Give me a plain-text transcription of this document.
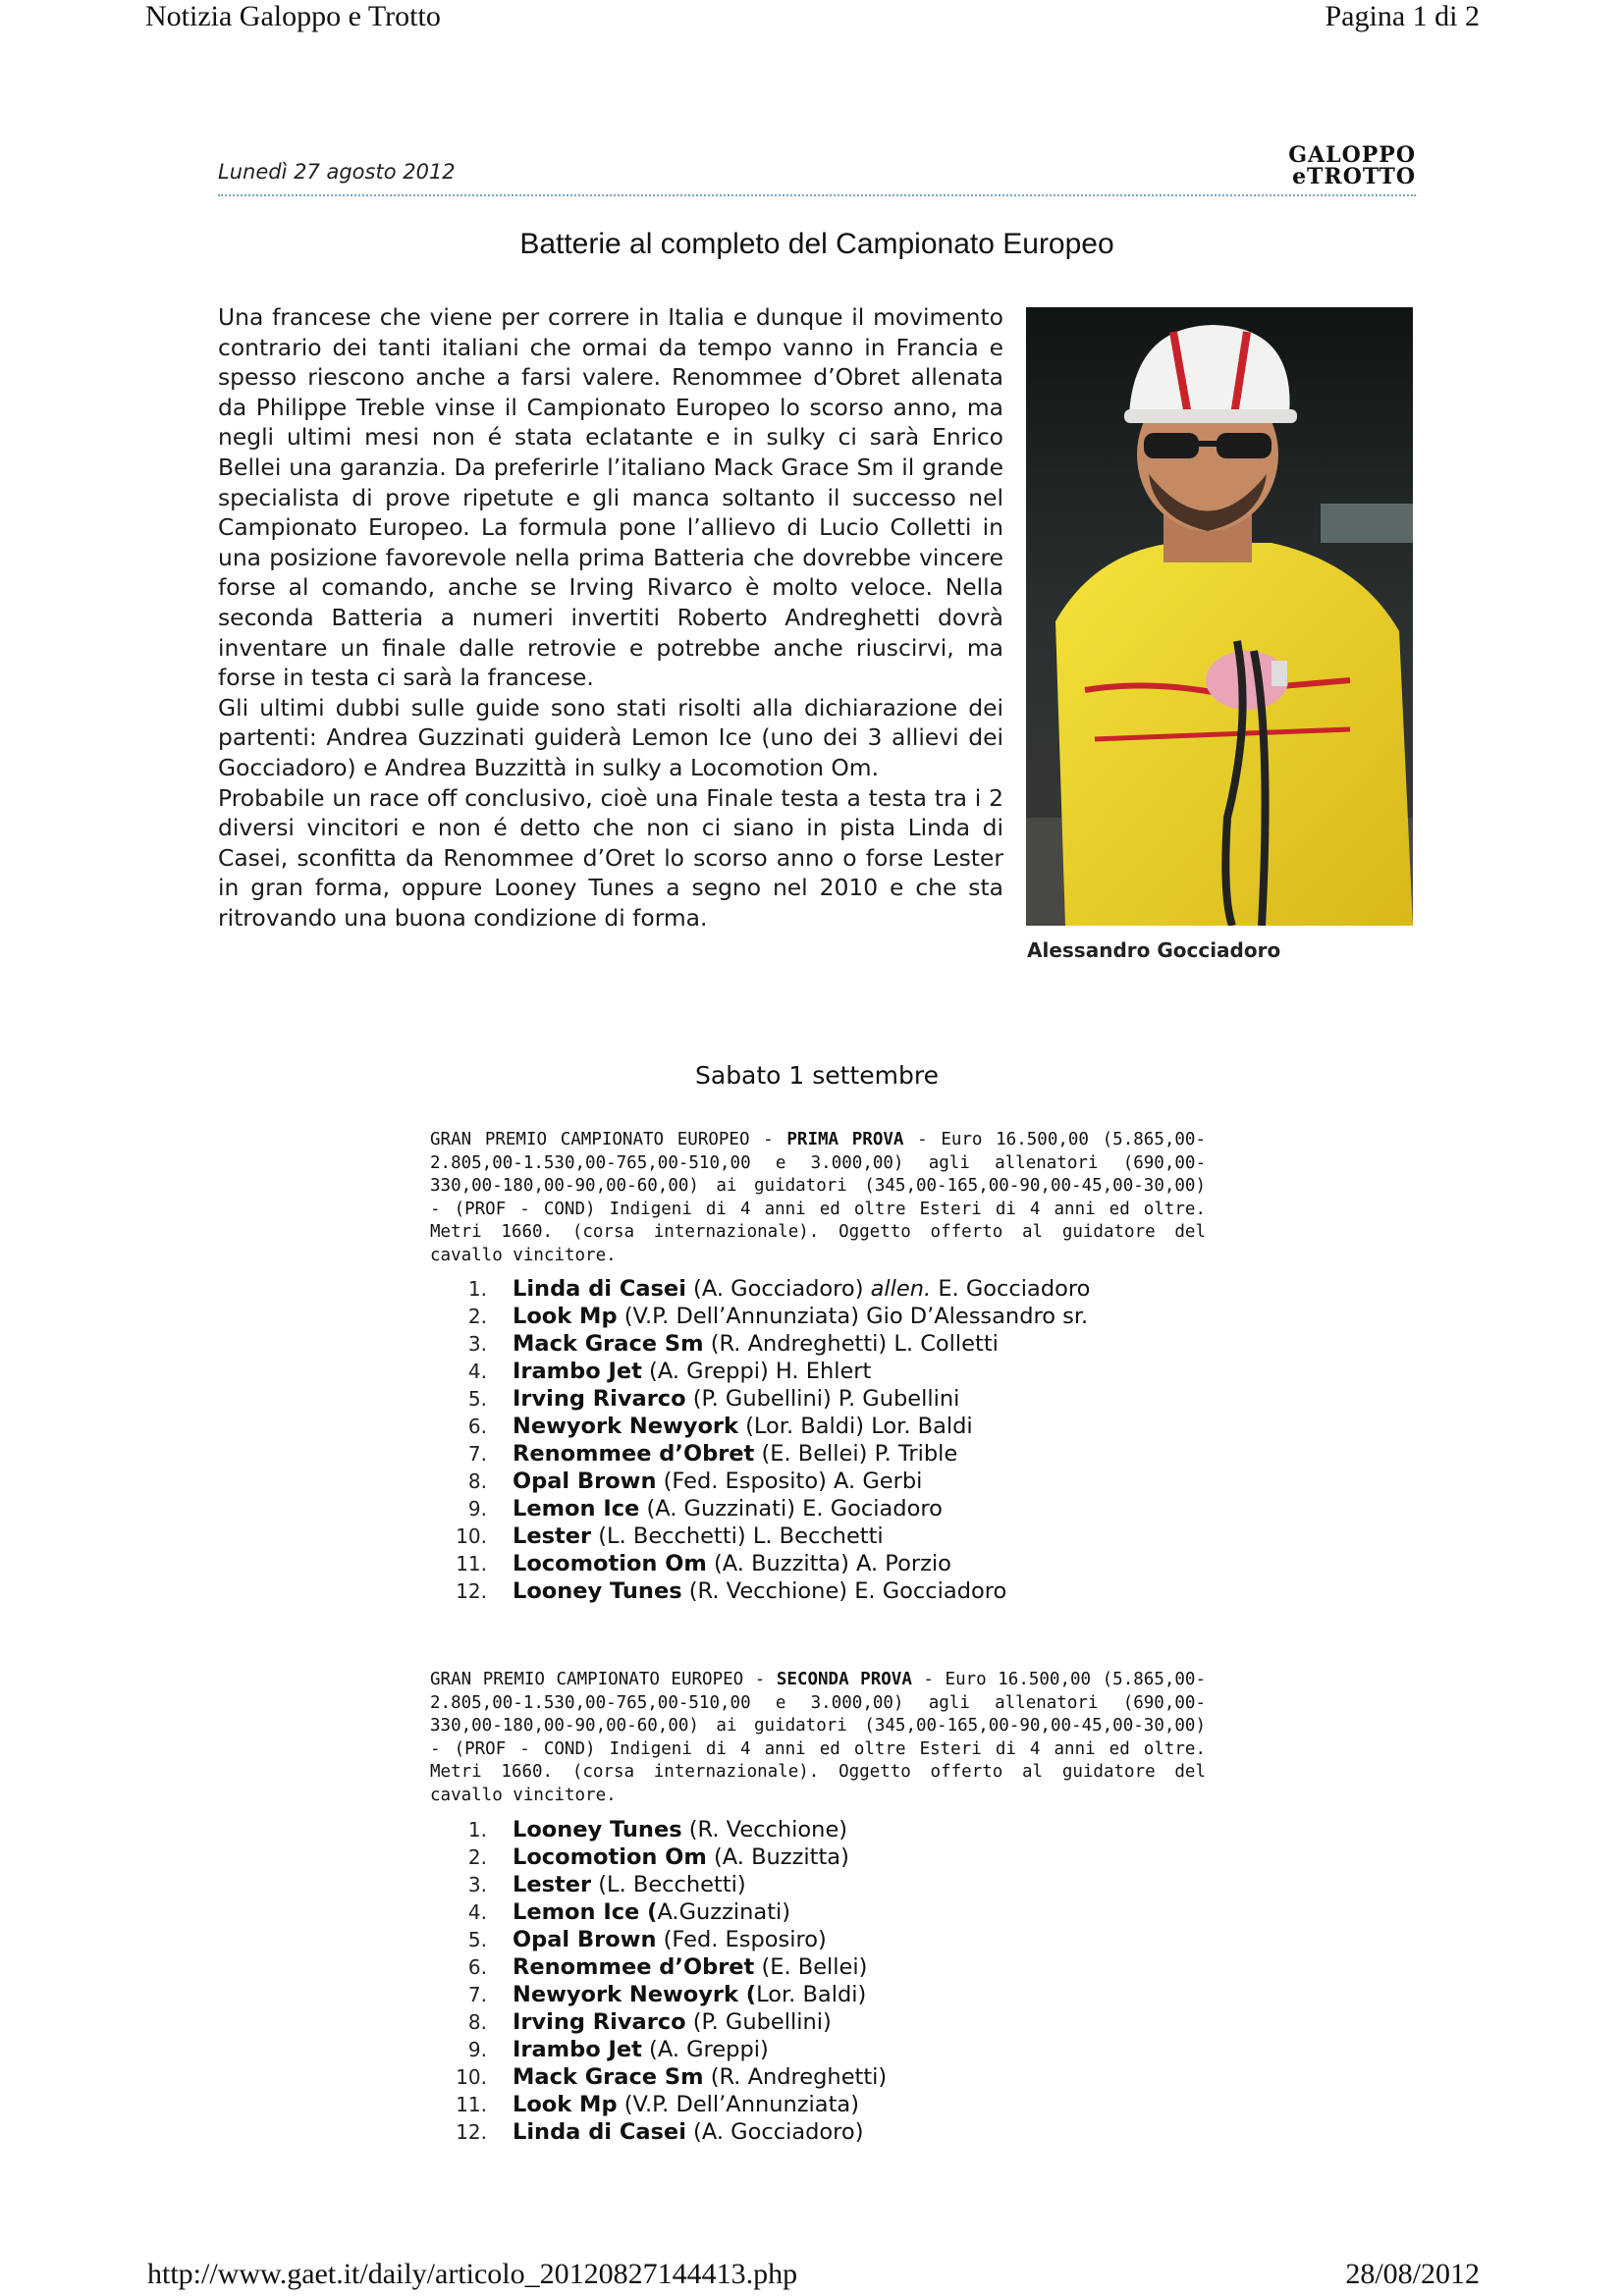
Notizia Galoppo e Trotto	Pagina 1 di 2
http://www.gaet.it/daily/articolo_20120827144413.php	28/08/2012
Lunedì 27 agosto 2012
GALOPPO
eTROTTO
Batterie al completo del Campionato Europeo

Una francese che viene per correre in Italia e dunque il movimento contrario dei tanti italiani che ormai da tempo vanno in Francia e spesso riescono anche a farsi valere. Renommee d’Obret allenata da Philippe Treble vinse il Campionato Europeo lo scorso anno, ma negli ultimi mesi non é stata eclatante e in sulky ci sarà Enrico Bellei una garanzia. Da preferirle l’italiano Mack Grace Sm il grande specialista di prove ripetute e gli manca soltanto il successo nel Campionato Europeo. La formula pone l’allievo di Lucio Colletti in una posizione favorevole nella prima Batteria che dovrebbe vincere forse al comando, anche se Irving Rivarco è molto veloce. Nella seconda Batteria a numeri invertiti Roberto Andreghetti dovrà inventare un finale dalle retrovie e potrebbe anche riuscirvi, ma forse in testa ci sarà la francese.

Gli ultimi dubbi sulle guide sono stati risolti alla dichiarazione dei partenti: Andrea Guzzinati guiderà Lemon Ice (uno dei 3 allievi dei Gocciadoro) e Andrea Buzzittà in sulky a Locomotion Om.

Probabile un race off conclusivo, cioè una Finale testa a testa tra i 2 diversi vincitori e non é detto che non ci siano in pista Linda di Casei, sconfitta da Renommee d’Oret lo scorso anno o forse Lester in gran forma, oppure Looney Tunes a segno nel 2010 e che sta ritrovando una buona condizione di forma.

Alessandro Gocciadoro
Sabato 1 settembre
GRAN PREMIO CAMPIONATO EUROPEO - PRIMA PROVA - Euro 16.500,00 (5.865,00-2.805,00-1.530,00-765,00-510,00 e 3.000,00) agli allenatori (690,00-330,00-180,00-90,00-60,00) ai guidatori (345,00-165,00-90,00-45,00-30,00) - (PROF - COND) Indigeni di 4 anni ed oltre Esteri di 4 anni ed oltre. Metri 1660. (corsa internazionale). Oggetto offerto al guidatore del cavallo vincitore.
1. Linda di Casei (A. Gocciadoro) allen. E. Gocciadoro
2. Look Mp (V.P. Dell’Annunziata) Gio D’Alessandro sr.
3. Mack Grace Sm (R. Andreghetti) L. Colletti
4. Irambo Jet (A. Greppi) H. Ehlert
5. Irving Rivarco (P. Gubellini) P. Gubellini
6. Newyork Newyork (Lor. Baldi) Lor. Baldi
7. Renommee d’Obret (E. Bellei) P. Trible
8. Opal Brown (Fed. Esposito) A. Gerbi
9. Lemon Ice (A. Guzzinati) E. Gociadoro
10. Lester (L. Becchetti) L. Becchetti
11. Locomotion Om (A. Buzzitta) A. Porzio
12. Looney Tunes (R. Vecchione) E. Gocciadoro
GRAN PREMIO CAMPIONATO EUROPEO - SECONDA PROVA - Euro 16.500,00 (5.865,00-2.805,00-1.530,00-765,00-510,00 e 3.000,00) agli allenatori (690,00-330,00-180,00-90,00-60,00) ai guidatori (345,00-165,00-90,00-45,00-30,00) - (PROF - COND) Indigeni di 4 anni ed oltre Esteri di 4 anni ed oltre. Metri 1660. (corsa internazionale). Oggetto offerto al guidatore del cavallo vincitore.
1. Looney Tunes (R. Vecchione)
2. Locomotion Om (A. Buzzitta)
3. Lester (L. Becchetti)
4. Lemon Ice (A.Guzzinati)
5. Opal Brown (Fed. Esposiro)
6. Renommee d’Obret (E. Bellei)
7. Newyork Newoyrk (Lor. Baldi)
8. Irving Rivarco (P. Gubellini)
9. Irambo Jet (A. Greppi)
10. Mack Grace Sm (R. Andreghetti)
11. Look Mp (V.P. Dell’Annunziata)
12. Linda di Casei (A. Gocciadoro)
